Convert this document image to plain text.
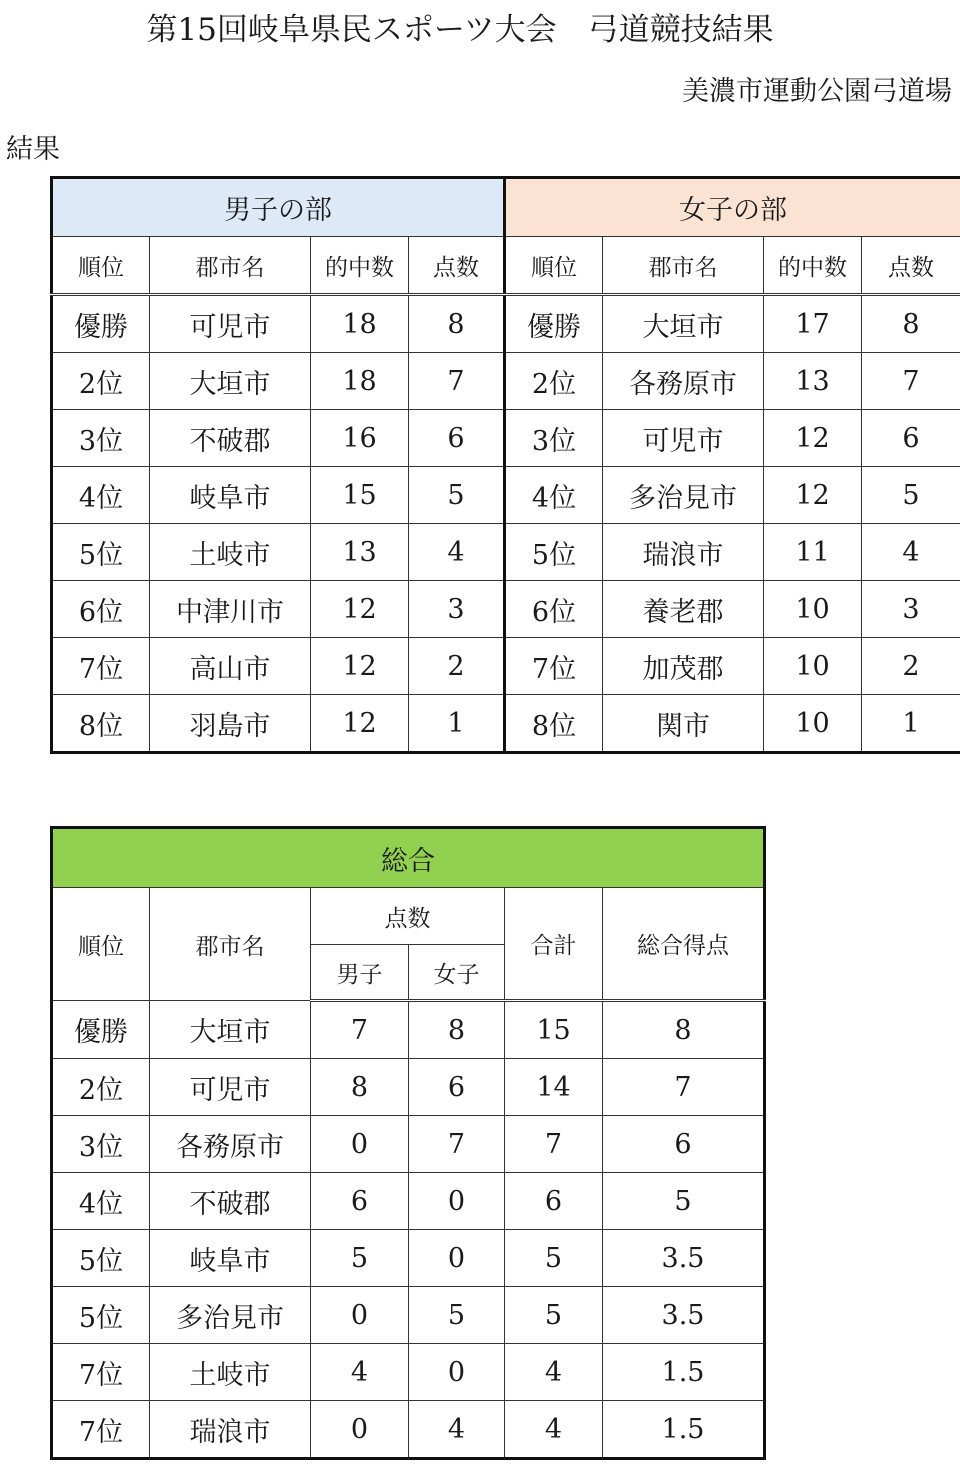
第15回岐阜県民スポーツ大会　弓道競技結果
美濃市運動公園弓道場
結果
男子の部				女子の部			
順位	郡市名	的中数	点数	順位	郡市名	的中数	点数
優勝	可児市	18	8	優勝	大垣市	17	8
2位	大垣市	18	7	2位	各務原市	13	7
3位	不破郡	16	6	3位	可児市	12	6
4位	岐阜市	15	5	4位	多治見市	12	5
5位	土岐市	13	4	5位	瑞浪市	11	4
6位	中津川市	12	3	6位	養老郡	10	3
7位	高山市	12	2	7位	加茂郡	10	2
8位	羽島市	12	1	8位	関市	10	1
総合					
順位	郡市名	点数		合計	総合得点
		男子	女子		
優勝	大垣市	7	8	15	8
2位	可児市	8	6	14	7
3位	各務原市	0	7	7	6
4位	不破郡	6	0	6	5
5位	岐阜市	5	0	5	3.5
5位	多治見市	0	5	5	3.5
7位	土岐市	4	0	4	1.5
7位	瑞浪市	0	4	4	1.5
